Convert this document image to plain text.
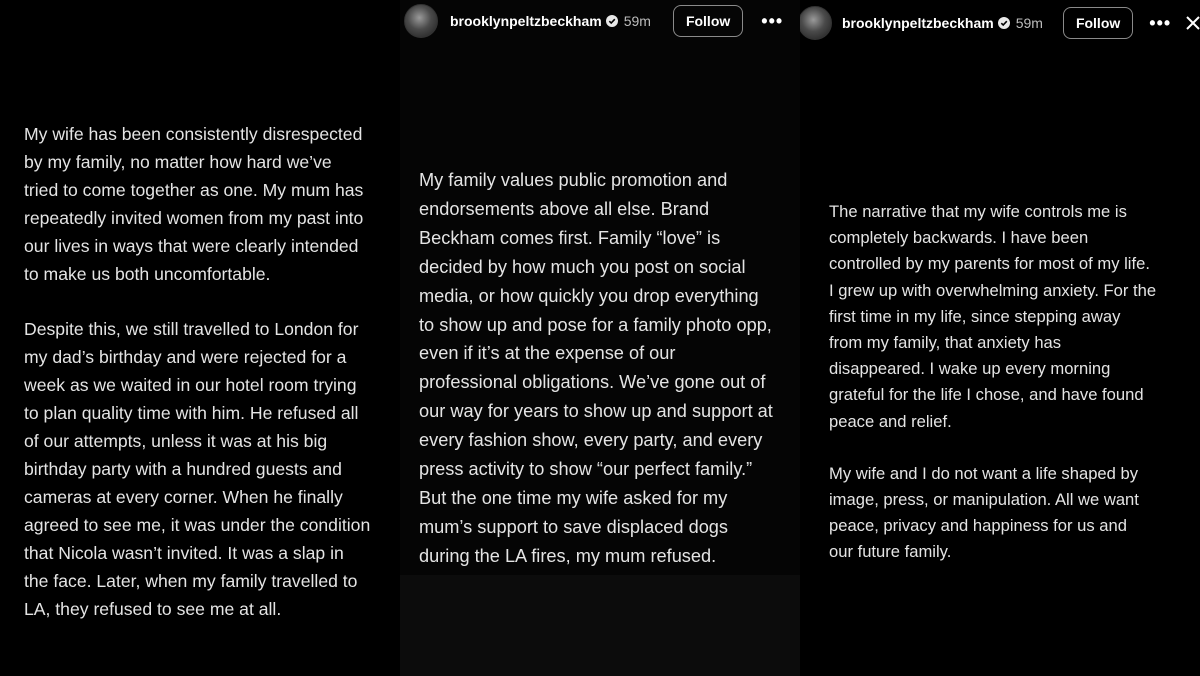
My wife has been consistently disrespected
by my family, no matter how hard we’ve
tried to come together as one. My mum has
repeatedly invited women from my past into
our lives in ways that were clearly intended
to make us both uncomfortable.

Despite this, we still travelled to London for
my dad’s birthday and were rejected for a
week as we waited in our hotel room trying
to plan quality time with him. He refused all
of our attempts, unless it was at his big
birthday party with a hundred guests and
cameras at every corner. When he finally
agreed to see me, it was under the condition
that Nicola wasn’t invited. It was a slap in
the face. Later, when my family travelled to
LA, they refused to see me at all.

brooklynpeltzbeckham 59m	Follow	•••

My family values public promotion and
endorsements above all else. Brand
Beckham comes first. Family “love” is
decided by how much you post on social
media, or how quickly you drop everything
to show up and pose for a family photo opp,
even if it’s at the expense of our
professional obligations. We’ve gone out of
our way for years to show up and support at
every fashion show, every party, and every
press activity to show “our perfect family.”
But the one time my wife asked for my
mum’s support to save displaced dogs
during the LA fires, my mum refused.

brooklynpeltzbeckham 59m	Follow	•••

The narrative that my wife controls me is
completely backwards. I have been
controlled by my parents for most of my life.
I grew up with overwhelming anxiety. For the
first time in my life, since stepping away
from my family, that anxiety has
disappeared. I wake up every morning
grateful for the life I chose, and have found
peace and relief.

My wife and I do not want a life shaped by
image, press, or manipulation. All we want
peace, privacy and happiness for us and
our future family.
